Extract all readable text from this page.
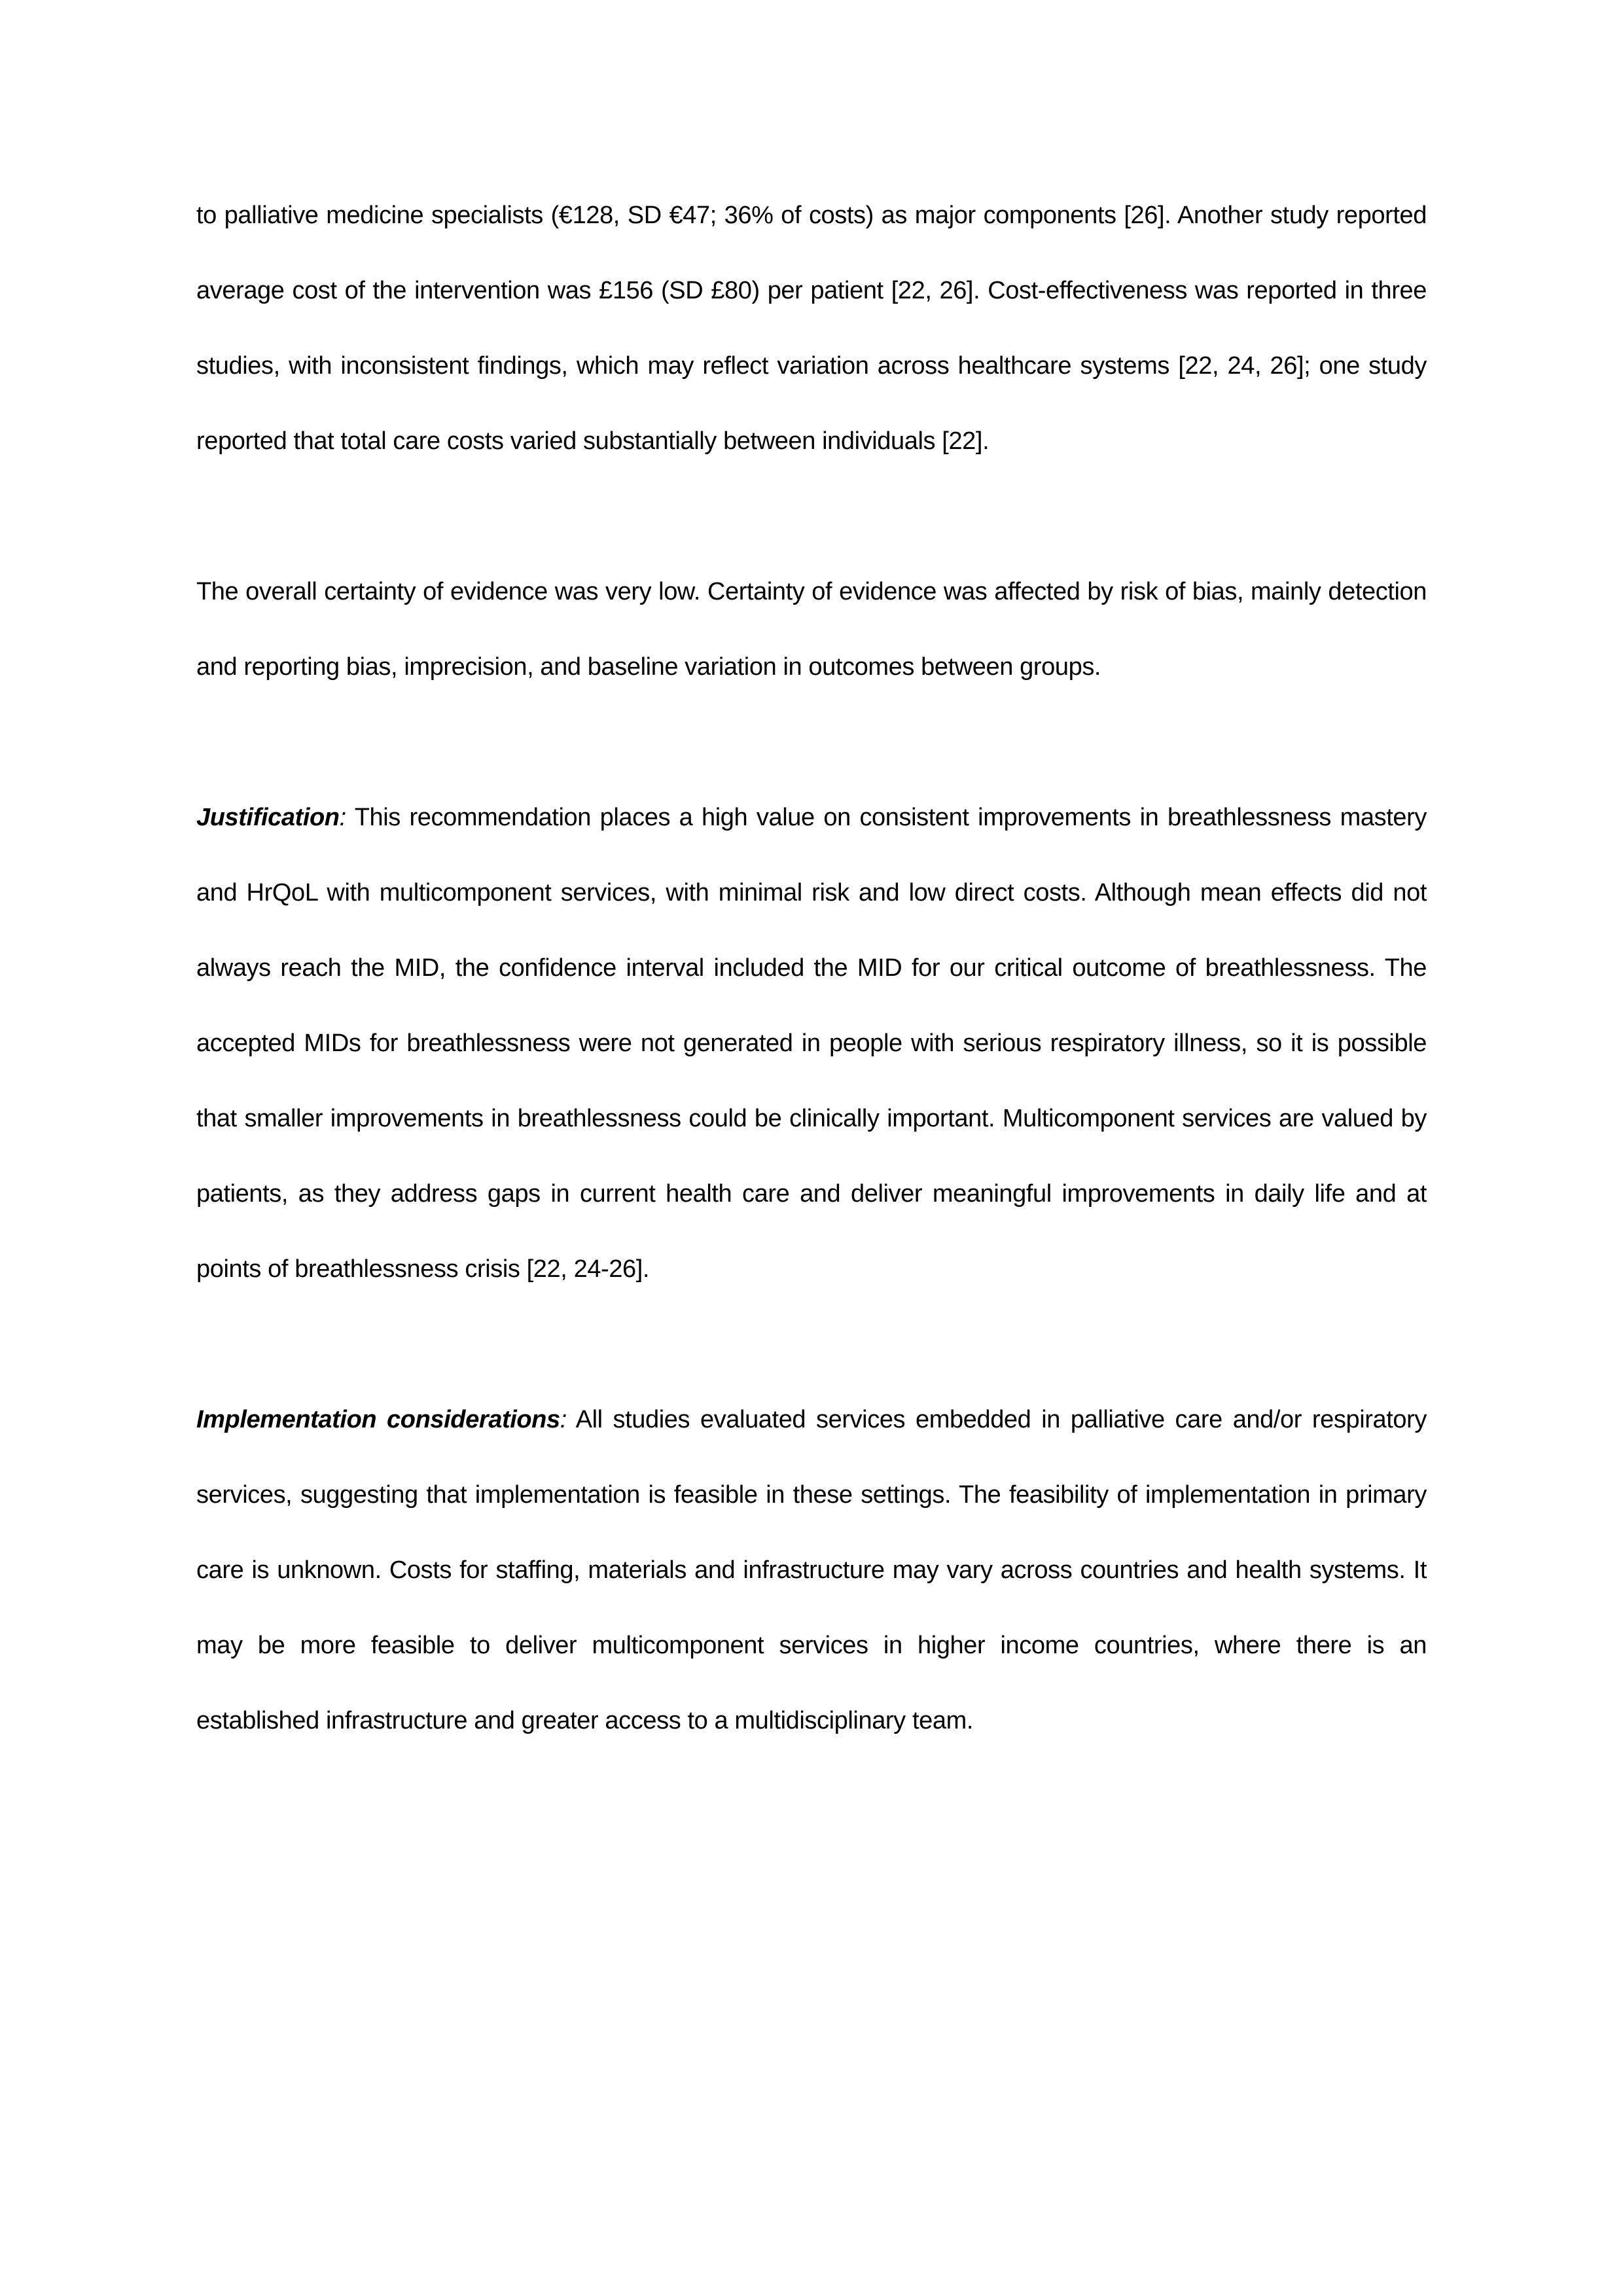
to palliative medicine specialists (€128, SD €47; 36% of costs) as major components [26]. Another study reported average cost of the intervention was £156 (SD £80) per patient [22, 26]. Cost-effectiveness was reported in three studies, with inconsistent findings, which may reflect variation across healthcare systems [22, 24, 26]; one study reported that total care costs varied substantially between individuals [22].

The overall certainty of evidence was very low. Certainty of evidence was affected by risk of bias, mainly detection and reporting bias, imprecision, and baseline variation in outcomes between groups.

Justification: This recommendation places a high value on consistent improvements in breathlessness mastery and HrQoL with multicomponent services, with minimal risk and low direct costs. Although mean effects did not always reach the MID, the confidence interval included the MID for our critical outcome of breathlessness. The accepted MIDs for breathlessness were not generated in people with serious respiratory illness, so it is possible that smaller improvements in breathlessness could be clinically important. Multicomponent services are valued by patients, as they address gaps in current health care and deliver meaningful improvements in daily life and at points of breathlessness crisis [22, 24-26].

Implementation considerations: All studies evaluated services embedded in palliative care and/or respiratory services, suggesting that implementation is feasible in these settings. The feasibility of implementation in primary care is unknown. Costs for staffing, materials and infrastructure may vary across countries and health systems. It may be more feasible to deliver multicomponent services in higher income countries, where there is an established infrastructure and greater access to a multidisciplinary team.
